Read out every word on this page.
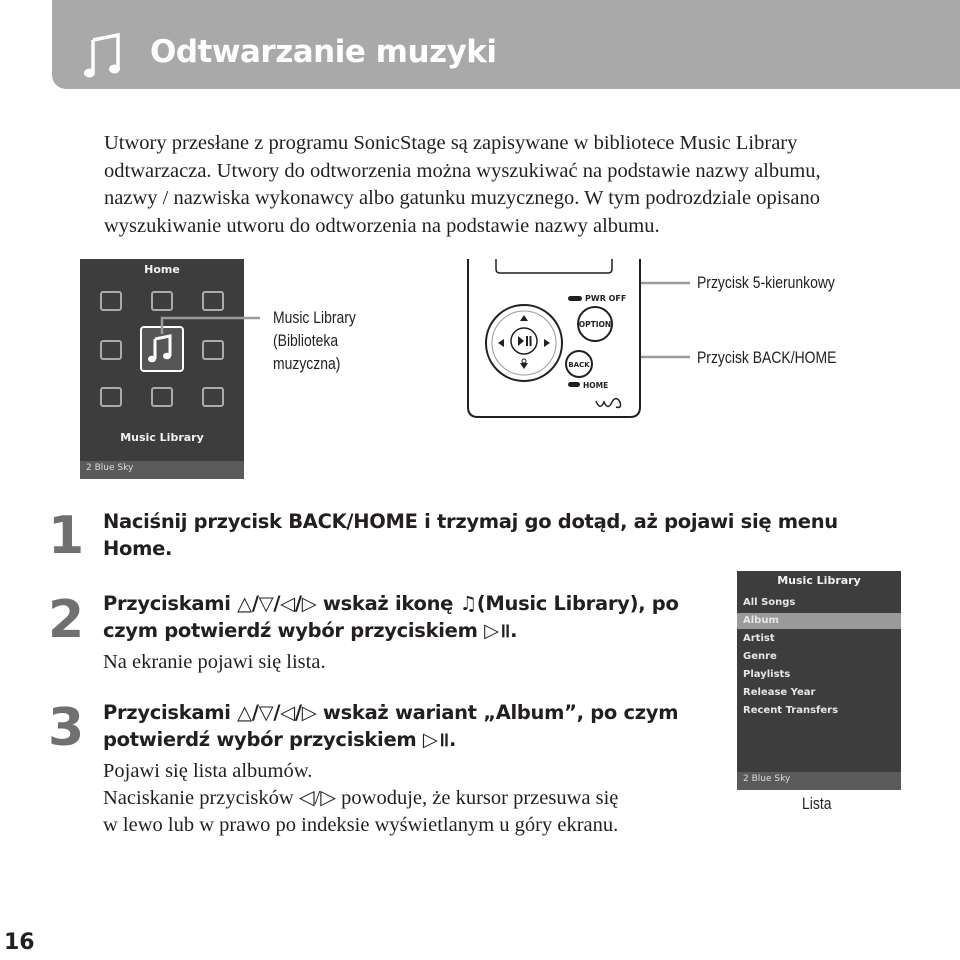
Odtwarzanie muzyki

Utwory przesłane z programu SonicStage są zapisywane w bibliotece Music Library odtwarzacza. Utwory do odtworzenia można wyszukiwać na podstawie nazwy albumu, nazwy / nazwiska wykonawcy albo gatunku muzycznego. W tym podrozdziale opisano wyszukiwanie utworu do odtworzenia na podstawie nazwy albumu.

Home
Music Library
2 Blue Sky
Music Library
(Biblioteka
muzyczna)
Przycisk 5-kierunkowy
Przycisk BACK/HOME
PWR OFF
OPTION
BACK
HOME
1 Naciśnij przycisk BACK/HOME i trzymaj go dotąd, aż pojawi się menu
Home.
2 Przyciskami △/▽/◁/▷ wskaż ikonę ♫(Music Library), po
czym potwierdź wybór przyciskiem ▷॥.
Na ekranie pojawi się lista.
3 Przyciskami △/▽/◁/▷ wskaż wariant „Album”, po czym
potwierdź wybór przyciskiem ▷॥.
Pojawi się lista albumów.
Naciskanie przycisków ◁/▷ powoduje, że kursor przesuwa się
w lewo lub w prawo po indeksie wyświetlanym u góry ekranu.
Music Library
All Songs
Album
Artist
Genre
Playlists
Release Year
Recent Transfers
2 Blue Sky
Lista
16
